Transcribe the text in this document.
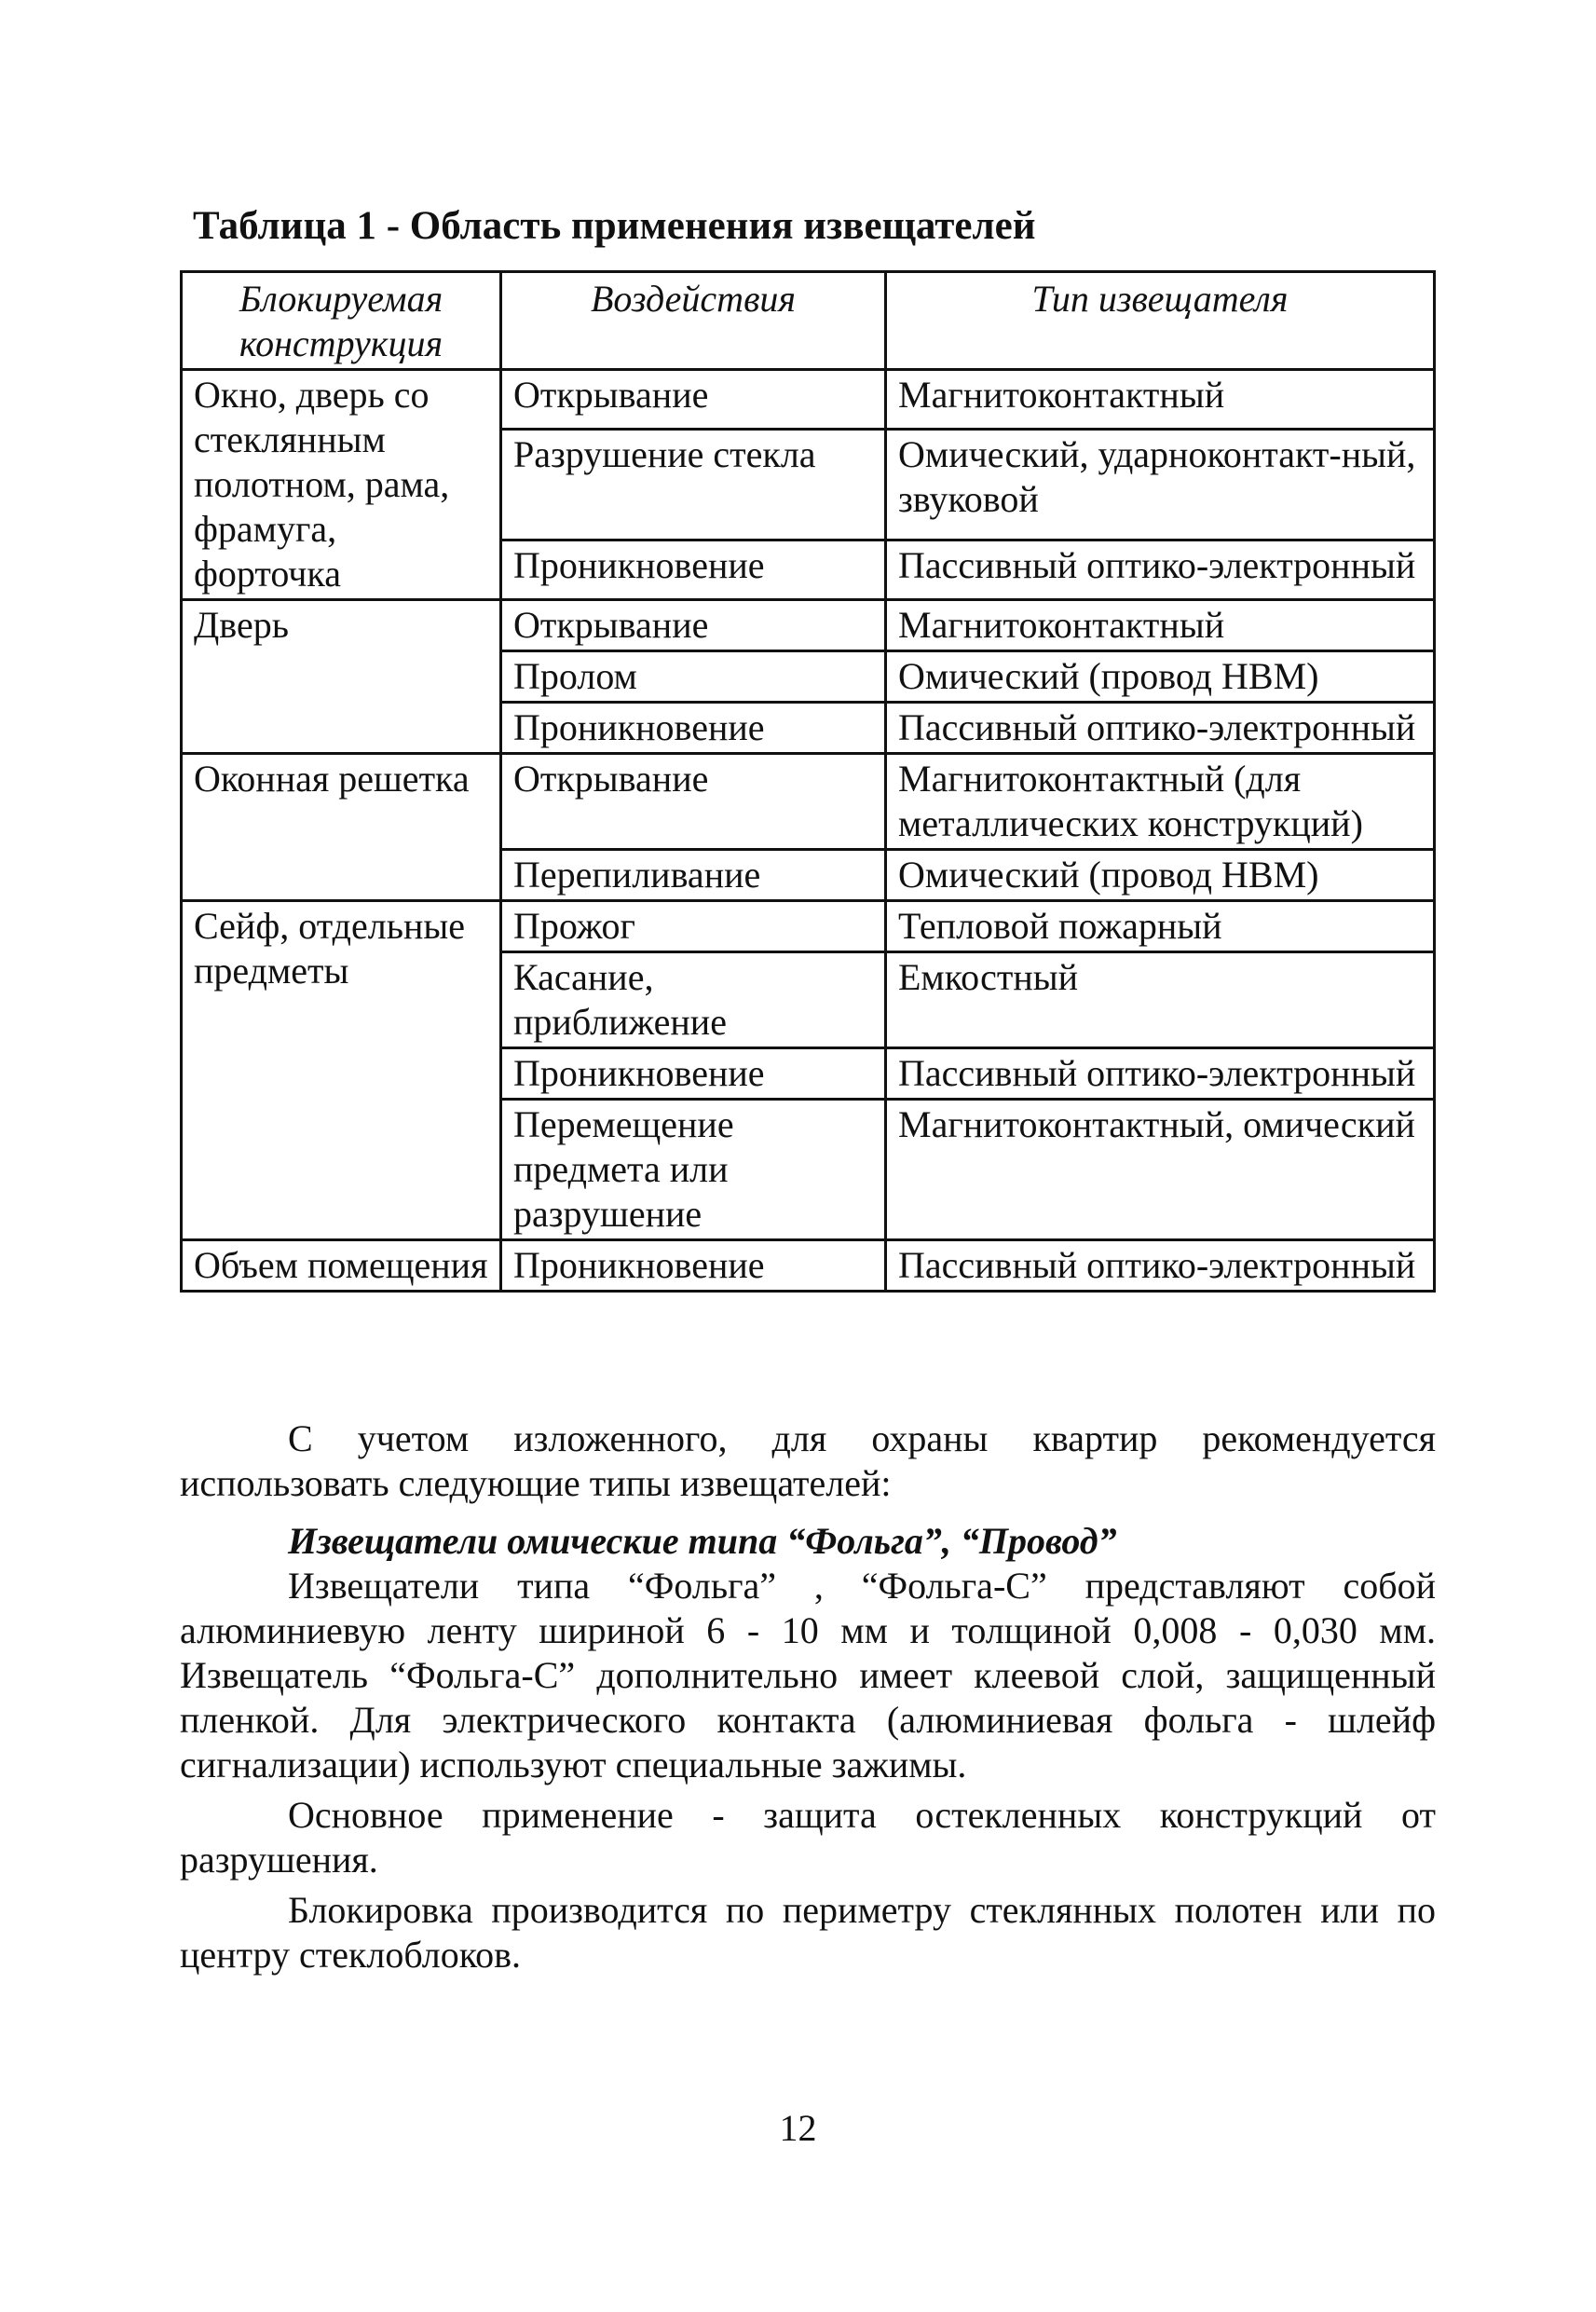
Таблица 1 - Область применения извещателей
Блокируемая конструкция	Воздействия	Тип извещателя
Окно, дверь со стеклянным полотном, рама, фрамуга, форточка	Открывание	Магнитоконтактный
	Разрушение стекла	Омический, ударноконтакт-ный, звуковой
	Проникновение	Пассивный оптико-электронный
Дверь	Открывание	Магнитоконтактный
	Пролом	Омический (провод НВМ)
	Проникновение	Пассивный оптико-электронный
Оконная решетка	Открывание	Магнитоконтактный (для металлических конструкций)
	Перепиливание	Омический (провод НВМ)
Сейф, отдельные предметы	Прожог	Тепловой пожарный
	Касание, приближение	Емкостный
	Проникновение	Пассивный оптико-электронный
	Перемещение предмета или разрушение	Магнитоконтактный, омический
Объем помещения	Проникновение	Пассивный оптико-электронный

С учетом изложенного, для охраны квартир рекомендуется использовать следующие типы извещателей:

Извещатели омические типа “Фольга”, “Провод”

Извещатели типа “Фольга” , “Фольга-С” представляют собой алюминиевую ленту шириной 6 - 10 мм и толщиной 0,008 - 0,030 мм. Извещатель “Фольга-С” дополнительно имеет клеевой слой, защищенный пленкой. Для электрического контакта (алюминиевая фольга - шлейф сигнализации) используют специальные зажимы.

Основное применение - защита остекленных конструкций от разрушения.

Блокировка производится по периметру стеклянных полотен или по центру стеклоблоков.

12
